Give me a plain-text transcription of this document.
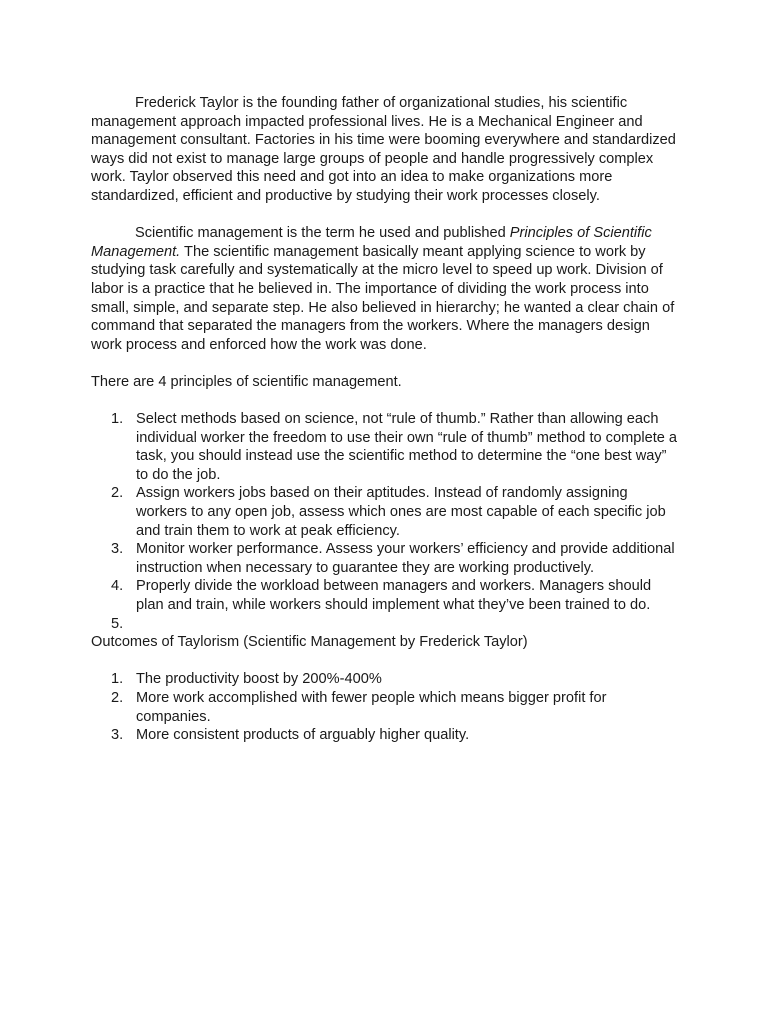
Frederick Taylor is the founding father of organizational studies, his scientific management approach impacted professional lives. He is a Mechanical Engineer and management consultant. Factories in his time were booming everywhere and standardized ways did not exist to manage large groups of people and handle progressively complex work. Taylor observed this need and got into an idea to make organizations more standardized, efficient and productive by studying their work processes closely.

Scientific management is the term he used and published Principles of Scientific Management. The scientific management basically meant applying science to work by studying task carefully and systematically at the micro level to speed up work. Division of labor is a practice that he believed in. The importance of dividing the work process into small, simple, and separate step. He also believed in hierarchy; he wanted a clear chain of command that separated the managers from the workers. Where the managers design work process and enforced how the work was done.

There are 4 principles of scientific management.

1. Select methods based on science, not “rule of thumb.” Rather than allowing each individual worker the freedom to use their own “rule of thumb” method to complete a task, you should instead use the scientific method to determine the “one best way” to do the job.
2. Assign workers jobs based on their aptitudes. Instead of randomly assigning workers to any open job, assess which ones are most capable of each specific job and train them to work at peak efficiency.
3. Monitor worker performance. Assess your workers’ efficiency and provide additional instruction when necessary to guarantee they are working productively.
4. Properly divide the workload between managers and workers. Managers should plan and train, while workers should implement what they’ve been trained to do.
5.

Outcomes of Taylorism (Scientific Management by Frederick Taylor)

1. The productivity boost by 200%-400%
2. More work accomplished with fewer people which means bigger profit for companies.
3. More consistent products of arguably higher quality.
